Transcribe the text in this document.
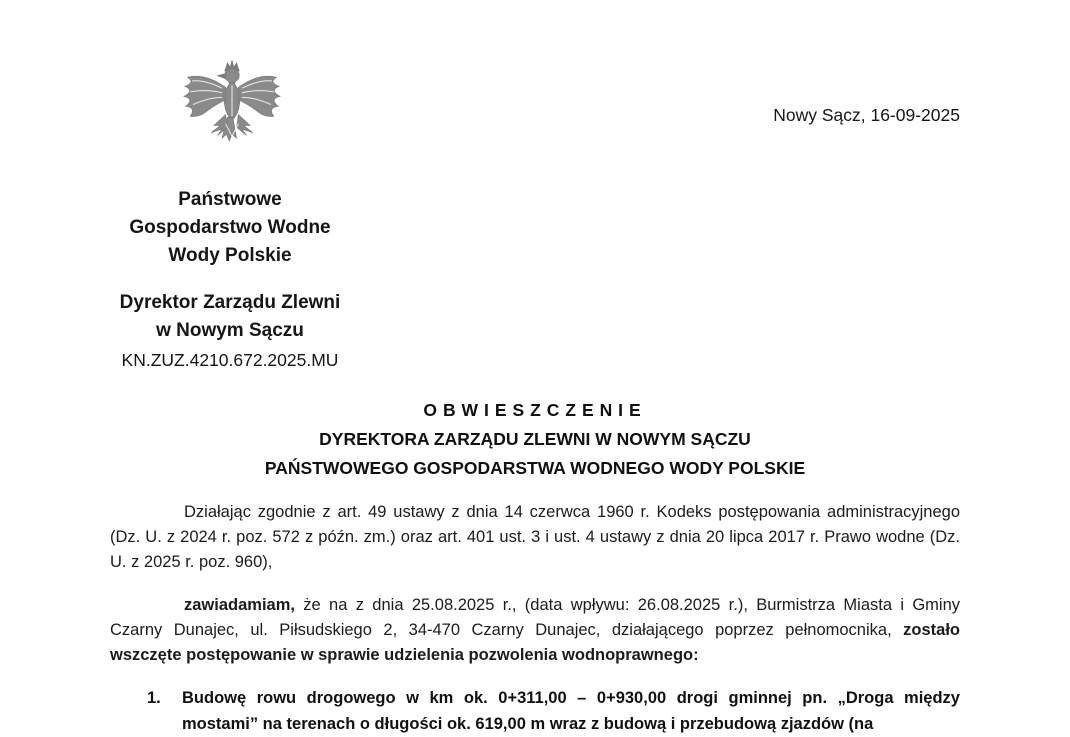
Nowy Sącz, 16-09-2025
Państwowe
Gospodarstwo Wodne
Wody Polskie
Dyrektor Zarządu Zlewni
w Nowym Sączu
KN.ZUZ.4210.672.2025.MU
OBWIESZCZENIE
DYREKTORA ZARZĄDU ZLEWNI W NOWYM SĄCZU
PAŃSTWOWEGO GOSPODARSTWA WODNEGO WODY POLSKIE
Działając zgodnie z art. 49 ustawy z dnia 14 czerwca 1960 r. Kodeks postępowania administracyjnego (Dz. U. z 2024 r. poz. 572 z późn. zm.) oraz art. 401 ust. 3 i ust. 4 ustawy z dnia 20 lipca 2017 r. Prawo wodne (Dz. U. z 2025 r. poz. 960),
zawiadamiam, że na z dnia 25.08.2025 r., (data wpływu: 26.08.2025 r.), Burmistrza Miasta i Gminy Czarny Dunajec, ul. Piłsudskiego 2, 34-470 Czarny Dunajec, działającego poprzez pełnomocnika, zostało wszczęte postępowanie w sprawie udzielenia pozwolenia wodnoprawnego:
1.	Budowę rowu drogowego w km ok. 0+311,00 – 0+930,00 drogi gminnej pn. „Droga między
mostami” na terenach o długości ok. 619,00 m wraz z budową i przebudową zjazdów (na
